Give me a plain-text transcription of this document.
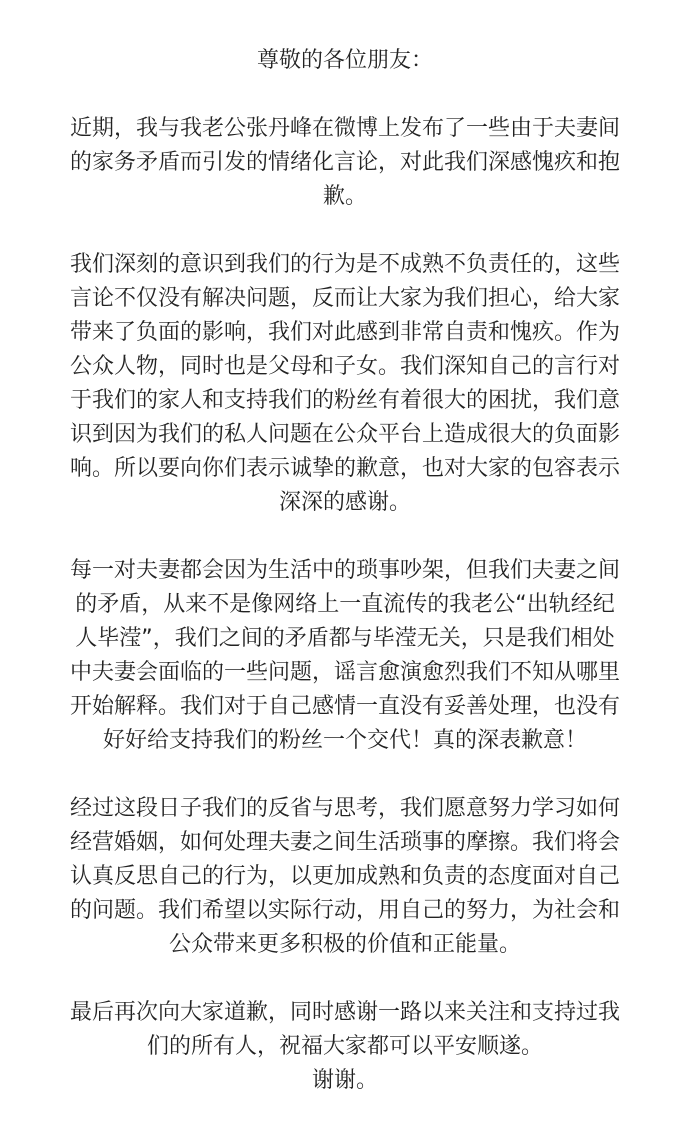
尊敬的各位朋友：
近期，我与我老公张丹峰在微博上发布了一些由于夫妻间
的家务矛盾而引发的情绪化言论，对此我们深感愧疚和抱
歉。
我们深刻的意识到我们的行为是不成熟不负责任的，这些
言论不仅没有解决问题，反而让大家为我们担心，给大家
带来了负面的影响，我们对此感到非常自责和愧疚。作为
公众人物，同时也是父母和子女。我们深知自己的言行对
于我们的家人和支持我们的粉丝有着很大的困扰，我们意
识到因为我们的私人问题在公众平台上造成很大的负面影
响。所以要向你们表示诚挚的歉意，也对大家的包容表示
深深的感谢。
每一对夫妻都会因为生活中的琐事吵架，但我们夫妻之间
的矛盾，从来不是像网络上一直流传的我老公“出轨经纪
人毕滢”，我们之间的矛盾都与毕滢无关，只是我们相处
中夫妻会面临的一些问题，谣言愈演愈烈我们不知从哪里
开始解释。我们对于自己感情一直没有妥善处理，也没有
好好给支持我们的粉丝一个交代！真的深表歉意！
经过这段日子我们的反省与思考，我们愿意努力学习如何
经营婚姻，如何处理夫妻之间生活琐事的摩擦。我们将会
认真反思自己的行为，以更加成熟和负责的态度面对自己
的问题。我们希望以实际行动，用自己的努力，为社会和
公众带来更多积极的价值和正能量。
最后再次向大家道歉，同时感谢一路以来关注和支持过我
们的所有人，祝福大家都可以平安顺遂。
谢谢。
